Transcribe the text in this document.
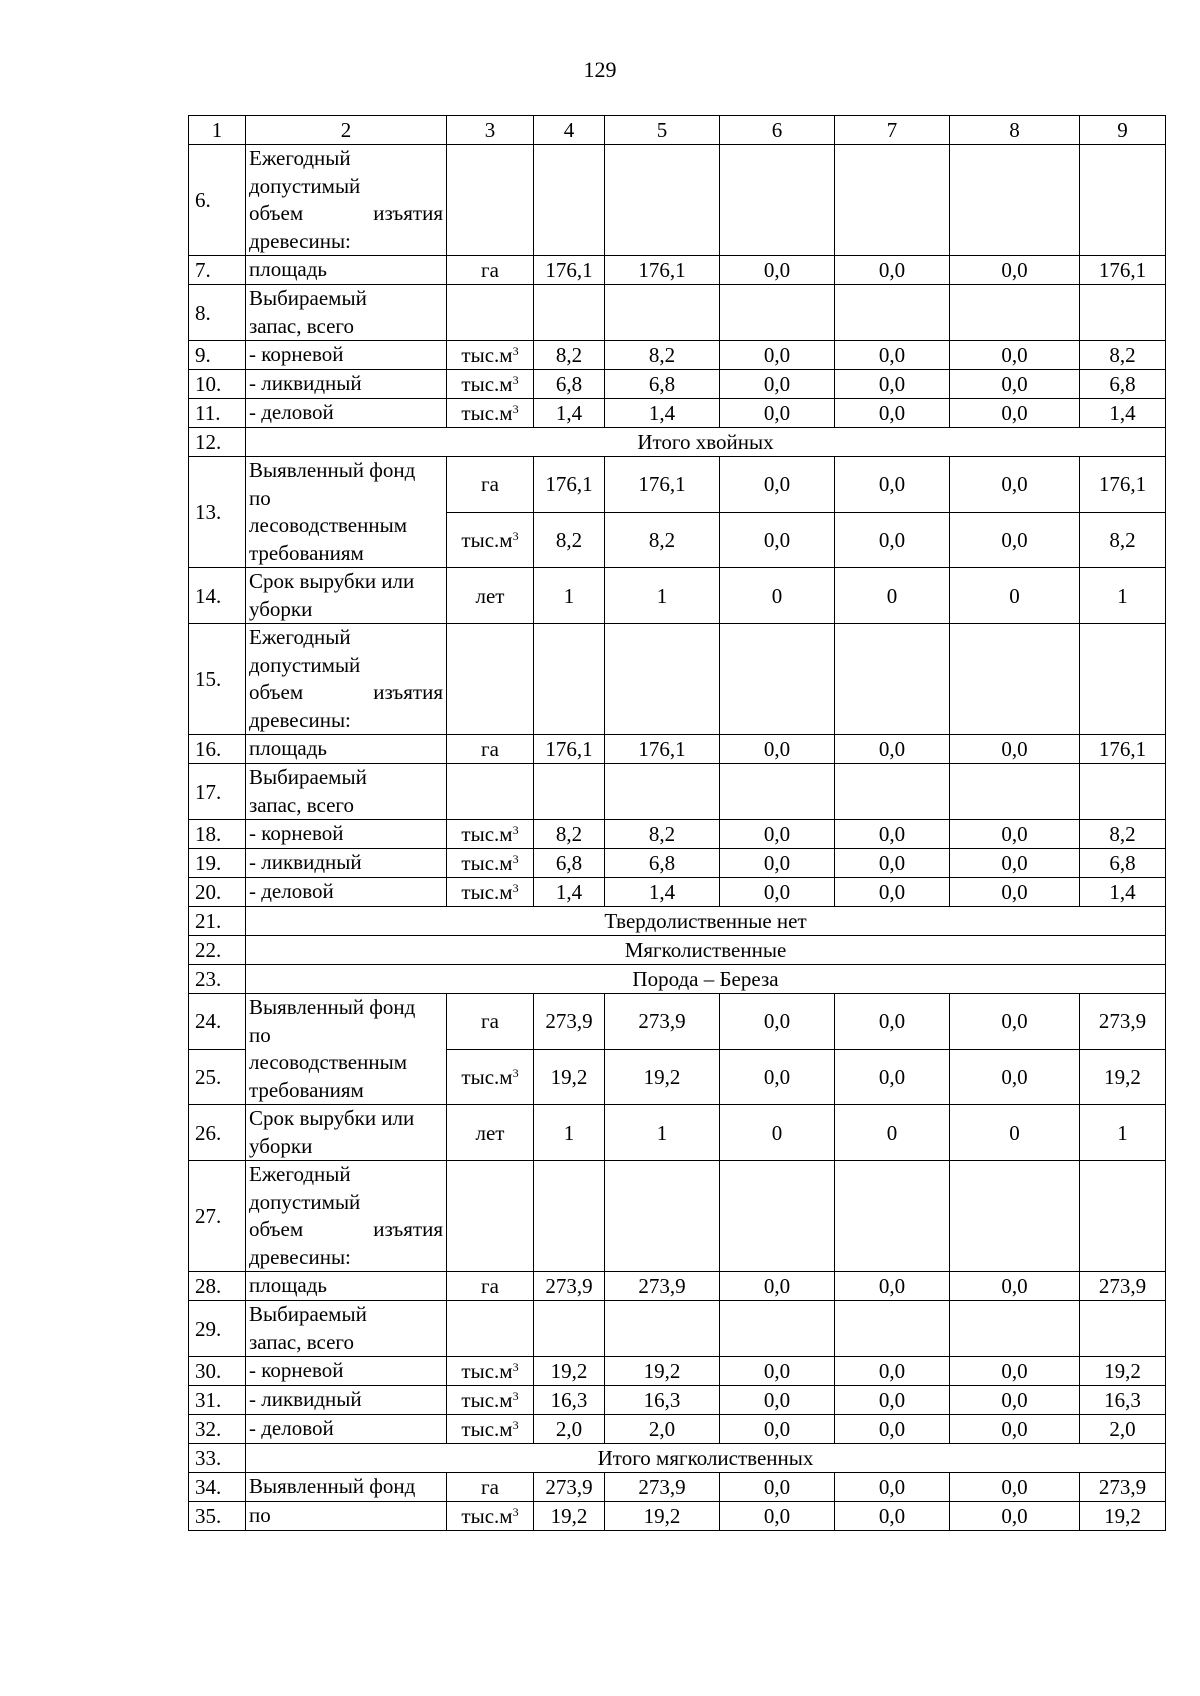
129
1	2	3	4	5	6	7	8	9
6.	Ежегодный
допустимый
объем изъятия
древесины:							

7.	площадь	га	176,1	176,1	0,0	0,0	0,0	176,1
8.	Выбираемый
запас, всего							

9.	- корневой	$тыс.м^3$	8,2	8,2	0,0	0,0	0,0	8,2
10.	- ликвидный	$тыс.м^3$	6,8	6,8	0,0	0,0	0,0	6,8
11.	- деловой	$тыс.м^3$	1,4	1,4	0,0	0,0	0,0	1,4
12.	Итого хвойных							
13.	Выявленный фонд
по
лесоводственным
требованиям	га	176,1	176,1	0,0	0,0	0,0	176,1
		$тыс.м^3$	8,2	8,2	0,0	0,0	0,0	8,2
14.	Срок вырубки или
уборки	лет	1	1	0	0	0	1
15.	Ежегодный
допустимый
объем изъятия
древесины:							

16.	площадь	га	176,1	176,1	0,0	0,0	0,0	176,1
17.	Выбираемый
запас, всего							

18.	- корневой	$тыс.м^3$	8,2	8,2	0,0	0,0	0,0	8,2
19.	- ликвидный	$тыс.м^3$	6,8	6,8	0,0	0,0	0,0	6,8
20.	- деловой	$тыс.м^3$	1,4	1,4	0,0	0,0	0,0	1,4
21.	Твердолиственные нет							
22.	Мягколиственные							
23.	Порода – Береза							
24.	Выявленный фонд
по
лесоводственным
требованиям	га	273,9	273,9	0,0	0,0	0,0	273,9
25.		$тыс.м^3$	19,2	19,2	0,0	0,0	0,0	19,2
26.	Срок вырубки или
уборки	лет	1	1	0	0	0	1
27.	Ежегодный
допустимый
объем изъятия
древесины:							

28.	площадь	га	273,9	273,9	0,0	0,0	0,0	273,9
29.	Выбираемый
запас, всего							

30.	- корневой	$тыс.м^3$	19,2	19,2	0,0	0,0	0,0	19,2
31.	- ликвидный	$тыс.м^3$	16,3	16,3	0,0	0,0	0,0	16,3
32.	- деловой	$тыс.м^3$	2,0	2,0	0,0	0,0	0,0	2,0
33.	Итого мягколиственных							
34.	Выявленный фонд	га	273,9	273,9	0,0	0,0	0,0	273,9
35.	по	$тыс.м^3$	19,2	19,2	0,0	0,0	0,0	19,2
